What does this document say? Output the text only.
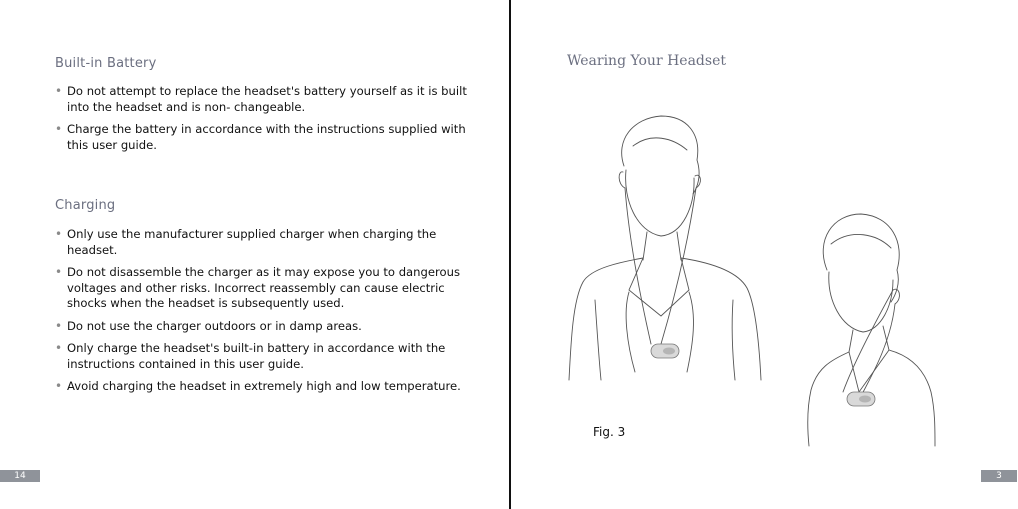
Built-in Battery
• Do not attempt to replace the headset's battery yourself as it is built into the headset and is non- changeable.
• Charge the battery in accordance with the instructions supplied with this user guide.
Charging
• Only use the manufacturer supplied charger when charging the headset.
• Do not disassemble the charger as it may expose you to dangerous voltages and other risks. Incorrect reassembly can cause electric shocks when the headset is subsequently used.
• Do not use the charger outdoors or in damp areas.
• Only charge the headset's built-in battery in accordance with the instructions contained in this user guide.
• Avoid charging the headset in extremely high and low temperature.
14
Wearing Your Headset
Fig. 3
3
